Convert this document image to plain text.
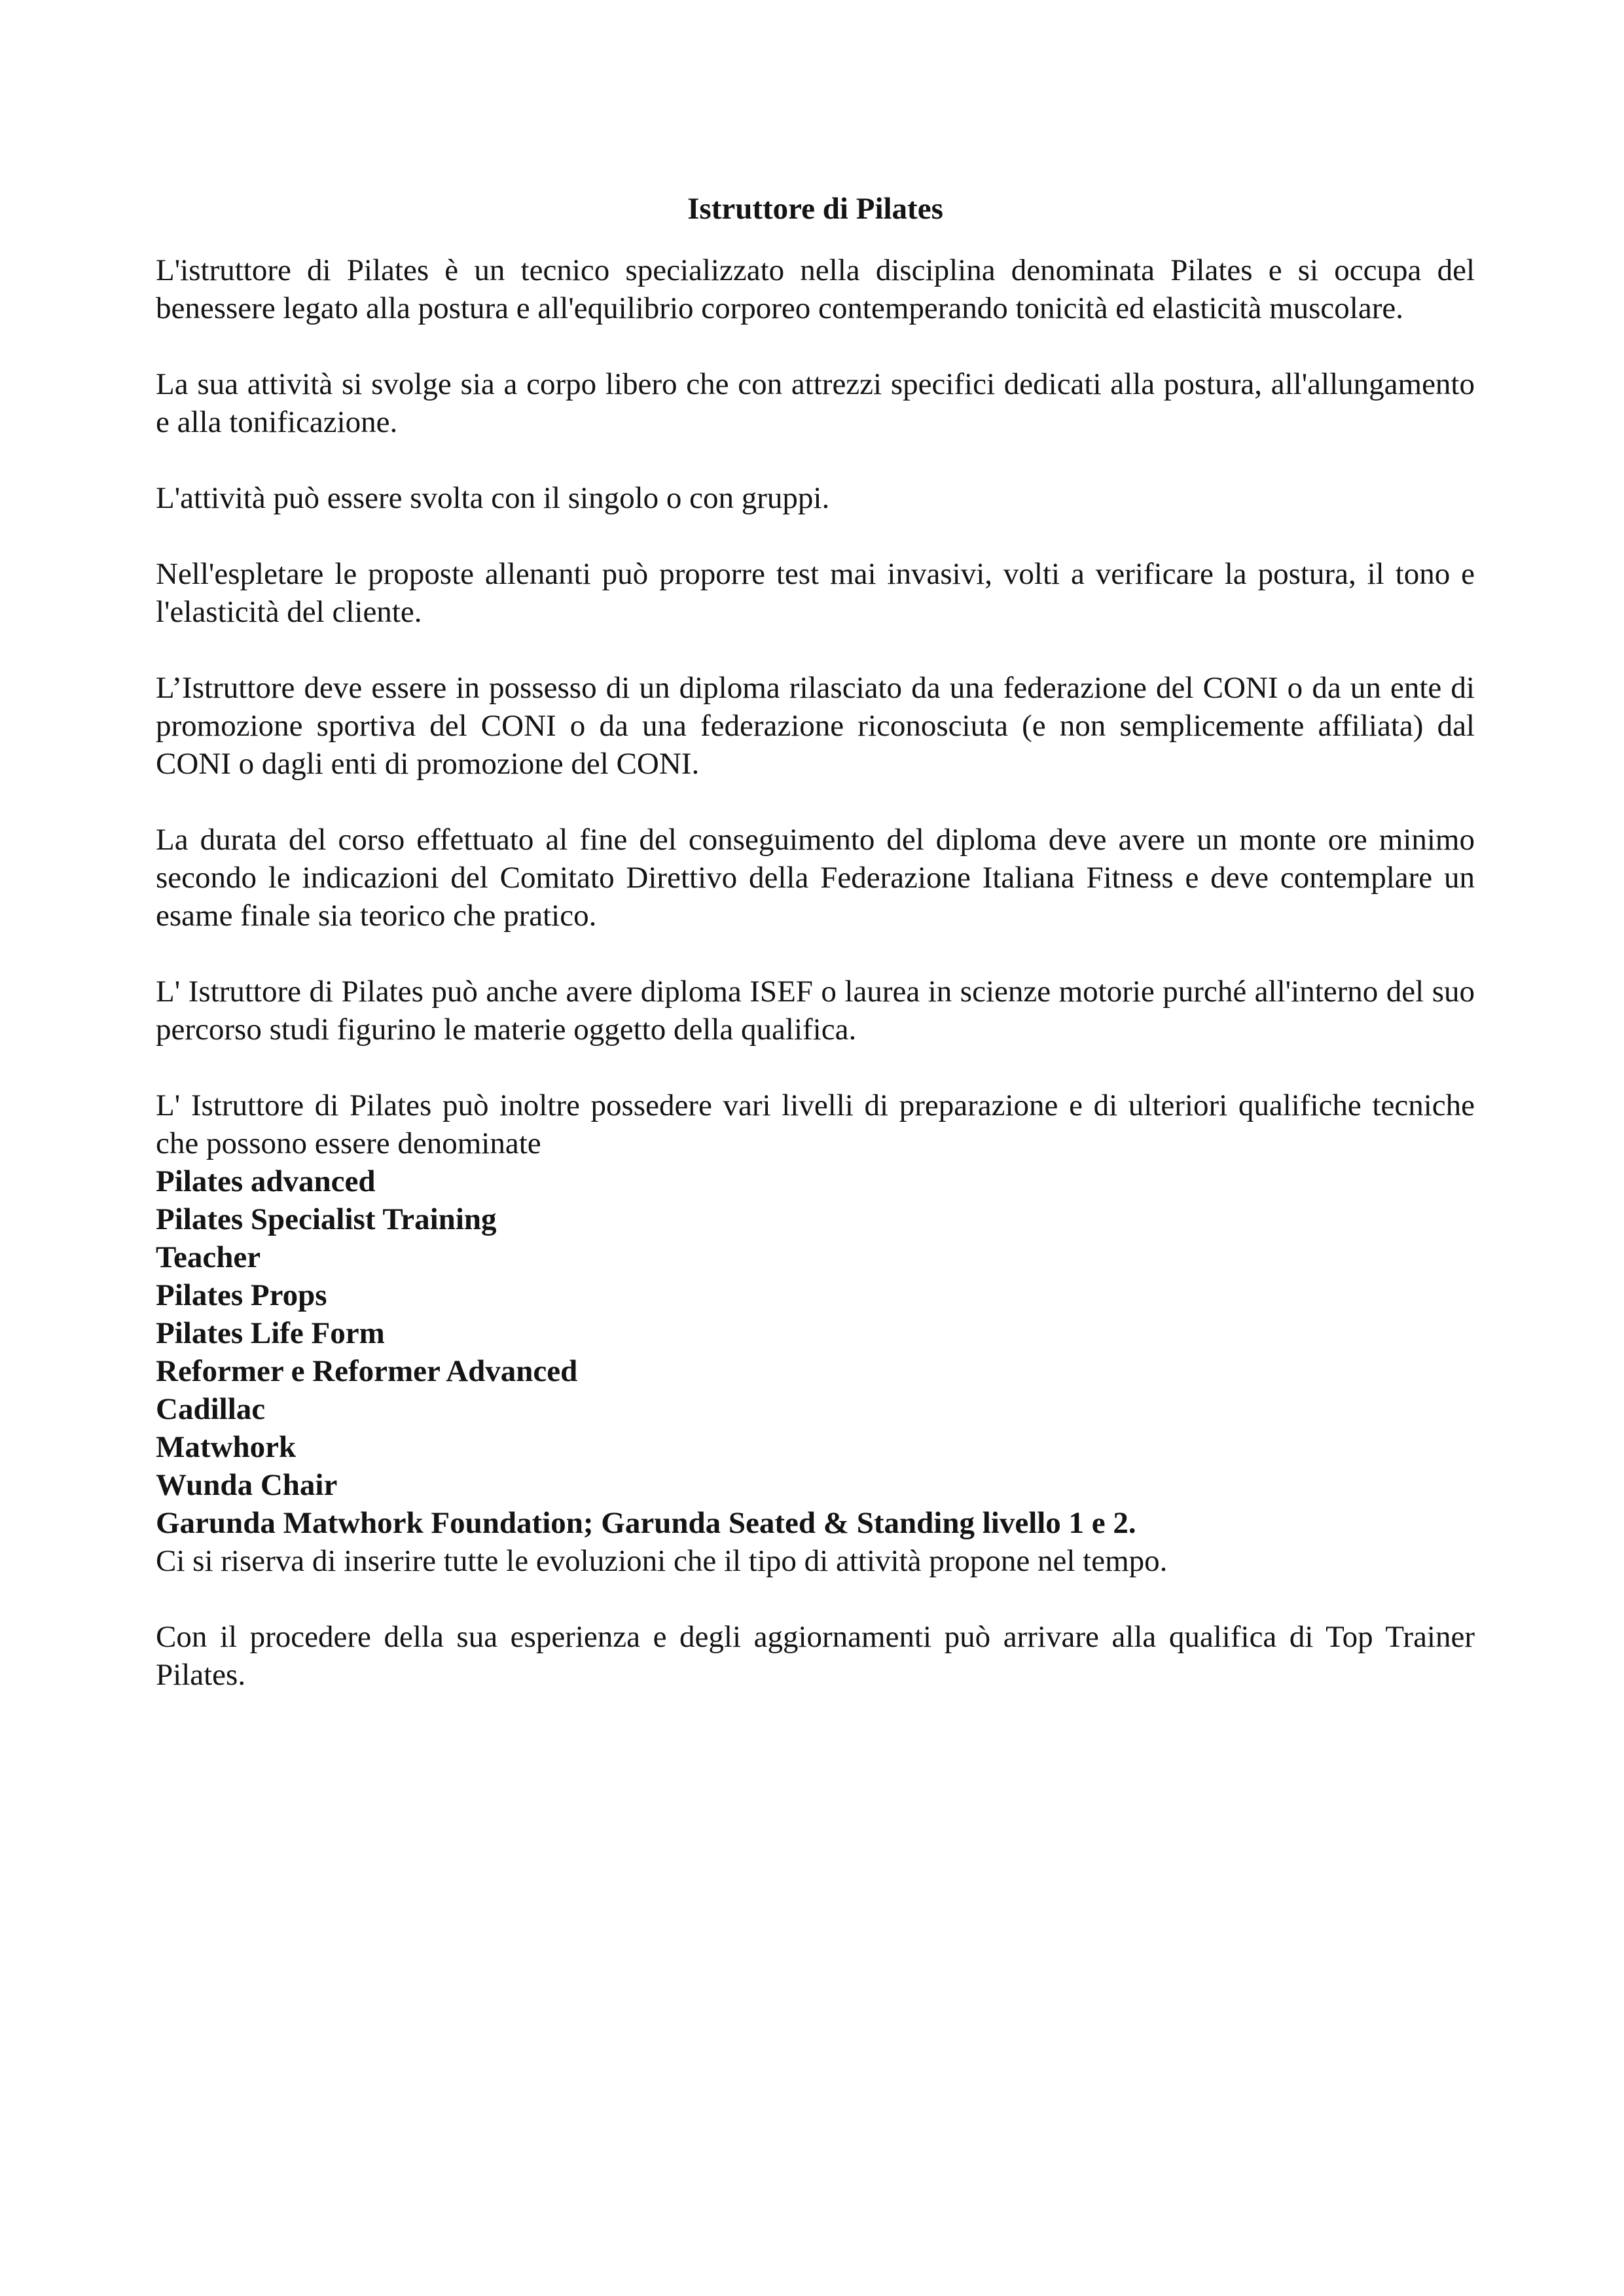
Istruttore di Pilates

L'istruttore di Pilates è un tecnico specializzato nella disciplina denominata Pilates e si occupa del benessere legato alla postura e all'equilibrio corporeo contemperando tonicità ed elasticità muscolare.

La sua attività si svolge sia a corpo libero che con attrezzi specifici dedicati alla postura, all'allungamento e alla tonificazione.

L'attività può essere svolta con il singolo o con gruppi.

Nell'espletare le proposte allenanti può proporre test mai invasivi, volti a verificare la postura, il tono e l'elasticità del cliente.

L’Istruttore deve essere in possesso di un diploma rilasciato da una federazione del CONI o da un ente di promozione sportiva del CONI o da una federazione riconosciuta (e non semplicemente affiliata) dal CONI o dagli enti di promozione del CONI.

La durata del corso effettuato al fine del conseguimento del diploma deve avere un monte ore minimo secondo le indicazioni del Comitato Direttivo della Federazione Italiana Fitness e deve contemplare un esame finale sia teorico che pratico.

L' Istruttore di Pilates può anche avere diploma ISEF o laurea in scienze motorie purché all'interno del suo percorso studi figurino le materie oggetto della qualifica.

L' Istruttore di Pilates può inoltre possedere vari livelli di preparazione e di ulteriori qualifiche tecniche che possono essere denominate

Pilates advanced
Pilates Specialist Training
Teacher
Pilates Props
Pilates Life Form
Reformer e Reformer Advanced
Cadillac
Matwhork
Wunda Chair
Garunda Matwhork Foundation; Garunda Seated & Standing livello 1 e 2.

Ci si riserva di inserire tutte le evoluzioni che il tipo di attività propone nel tempo.

Con il procedere della sua esperienza e degli aggiornamenti può arrivare alla qualifica di Top Trainer Pilates.
